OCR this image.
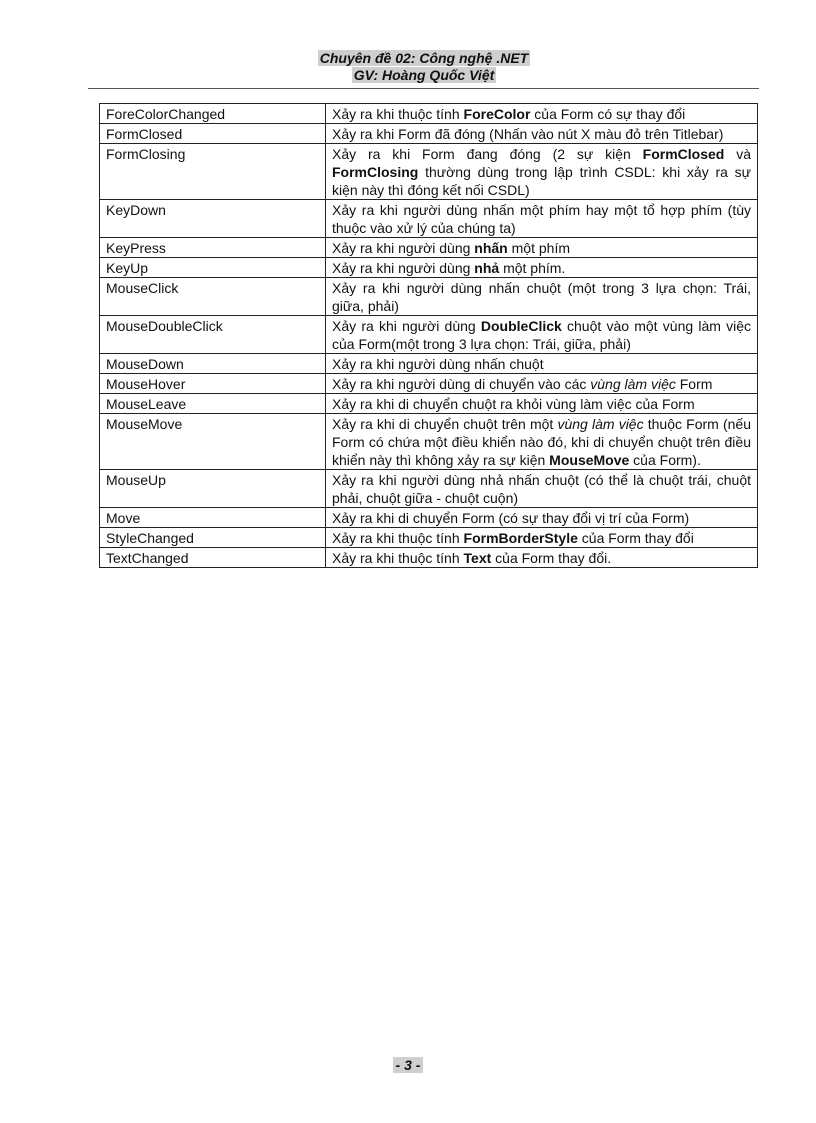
Chuyên đề 02: Công nghệ .NET
GV: Hoàng Quốc Việt
ForeColorChanged	Xảy ra khi thuộc tính ForeColor của Form có sự thay đổi
FormClosed	Xảy ra khi Form đã đóng (Nhấn vào nút X màu đỏ trên Titlebar)
FormClosing	Xảy ra khi Form đang đóng (2 sự kiện FormClosed và FormClosing thường dùng trong lập trình CSDL: khi xảy ra sự kiện này thì đóng kết nối CSDL)
KeyDown	Xảy ra khi người dùng nhấn một phím hay một tổ hợp phím (tùy thuộc vào xử lý của chúng ta)
KeyPress	Xảy ra khi người dùng nhấn một phím
KeyUp	Xảy ra khi người dùng nhả một phím.
MouseClick	Xảy ra khi người dùng nhấn chuột (một trong 3 lựa chọn: Trái, giữa, phải)
MouseDoubleClick	Xảy ra khi người dùng DoubleClick chuột vào một vùng làm việc của Form(một trong 3 lựa chọn: Trái, giữa, phải)
MouseDown	Xảy ra khi người dùng nhấn chuột
MouseHover	Xảy ra khi người dùng di chuyển vào các vùng làm việc Form
MouseLeave	Xảy ra khi di chuyển chuột ra khỏi vùng làm việc của Form
MouseMove	Xảy ra khi di chuyển chuột trên một vùng làm việc thuộc Form (nếu Form có chứa một điều khiển nào đó, khi di chuyển chuột trên điều khiển này thì không xảy ra sự kiện MouseMove của Form).
MouseUp	Xảy ra khi người dùng nhả nhấn chuột (có thể là chuột trái, chuột phải, chuột giữa - chuột cuộn)
Move	Xảy ra khi di chuyển Form (có sự thay đổi vị trí của Form)
StyleChanged	Xảy ra khi thuộc tính FormBorderStyle của Form thay đổi
TextChanged	Xảy ra khi thuộc tính Text của Form thay đổi.
- 3 -
